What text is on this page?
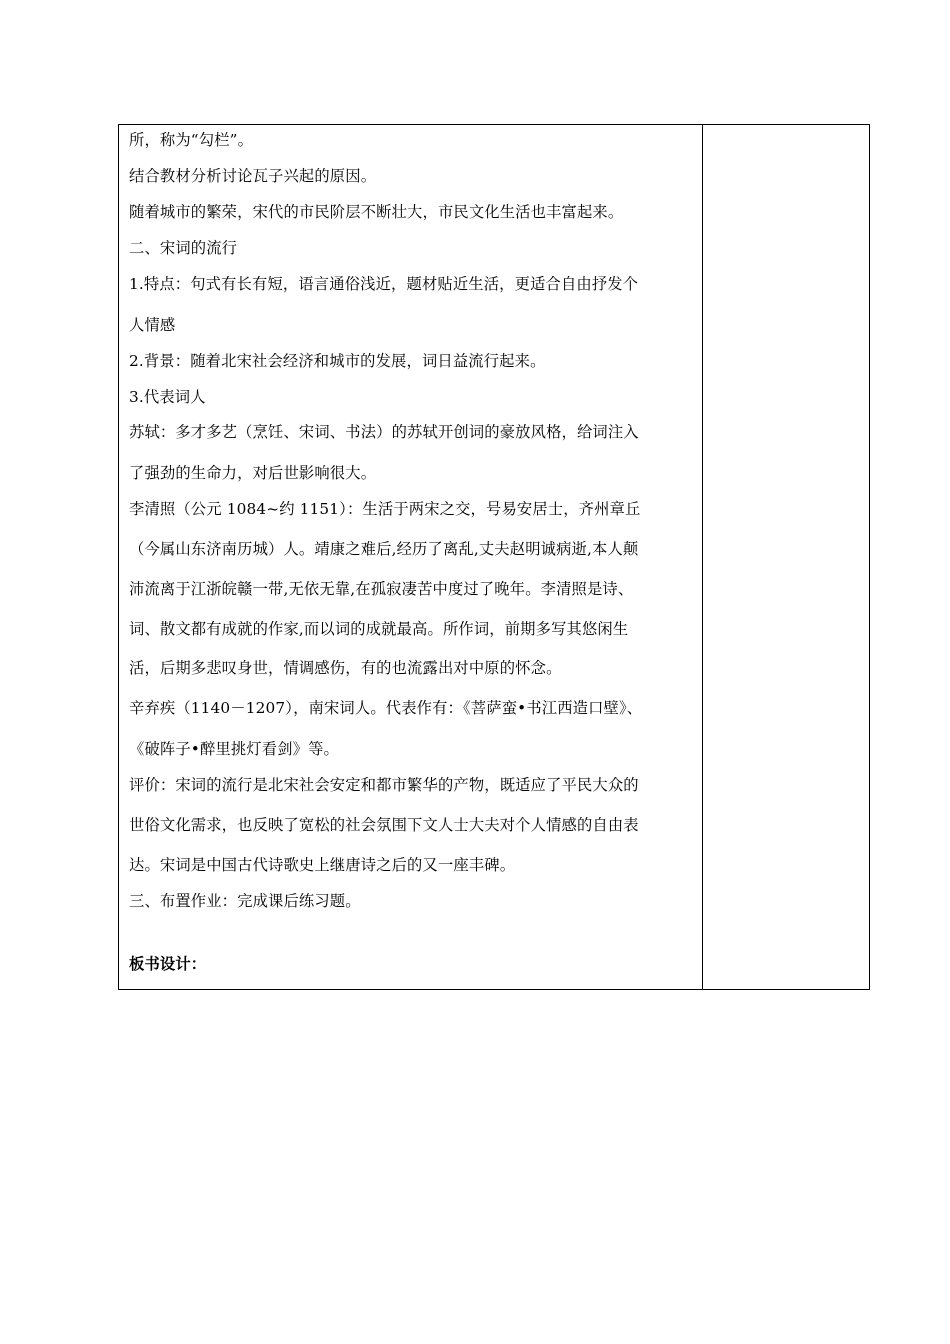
所，称为“勾栏”。
结合教材分析讨论瓦子兴起的原因。
随着城市的繁荣，宋代的市民阶层不断壮大，市民文化生活也丰富起来。
二、宋词的流行
1.特点：句式有长有短，语言通俗浅近，题材贴近生活，更适合自由抒发个
人情感
2.背景：随着北宋社会经济和城市的发展，词日益流行起来。
3.代表词人
苏轼：多才多艺（烹饪、宋词、书法）的苏轼开创词的豪放风格，给词注入
了强劲的生命力，对后世影响很大。
李清照（公元 1084~约 1151）：生活于两宋之交，号易安居士，齐州章丘
（今属山东济南历城）人。靖康之难后,经历了离乱,丈夫赵明诚病逝,本人颠
沛流离于江浙皖赣一带,无依无靠,在孤寂凄苦中度过了晚年。李清照是诗、
词、散文都有成就的作家,而以词的成就最高。所作词，前期多写其悠闲生
活，后期多悲叹身世，情调感伤，有的也流露出对中原的怀念。
辛弃疾（1140－1207），南宋词人。代表作有：《菩萨蛮•书江西造口壁》、
《破阵子•醉里挑灯看剑》等。
评价：宋词的流行是北宋社会安定和都市繁华的产物，既适应了平民大众的
世俗文化需求，也反映了宽松的社会氛围下文人士大夫对个人情感的自由表
达。宋词是中国古代诗歌史上继唐诗之后的又一座丰碑。
三、布置作业：完成课后练习题。
板书设计：
